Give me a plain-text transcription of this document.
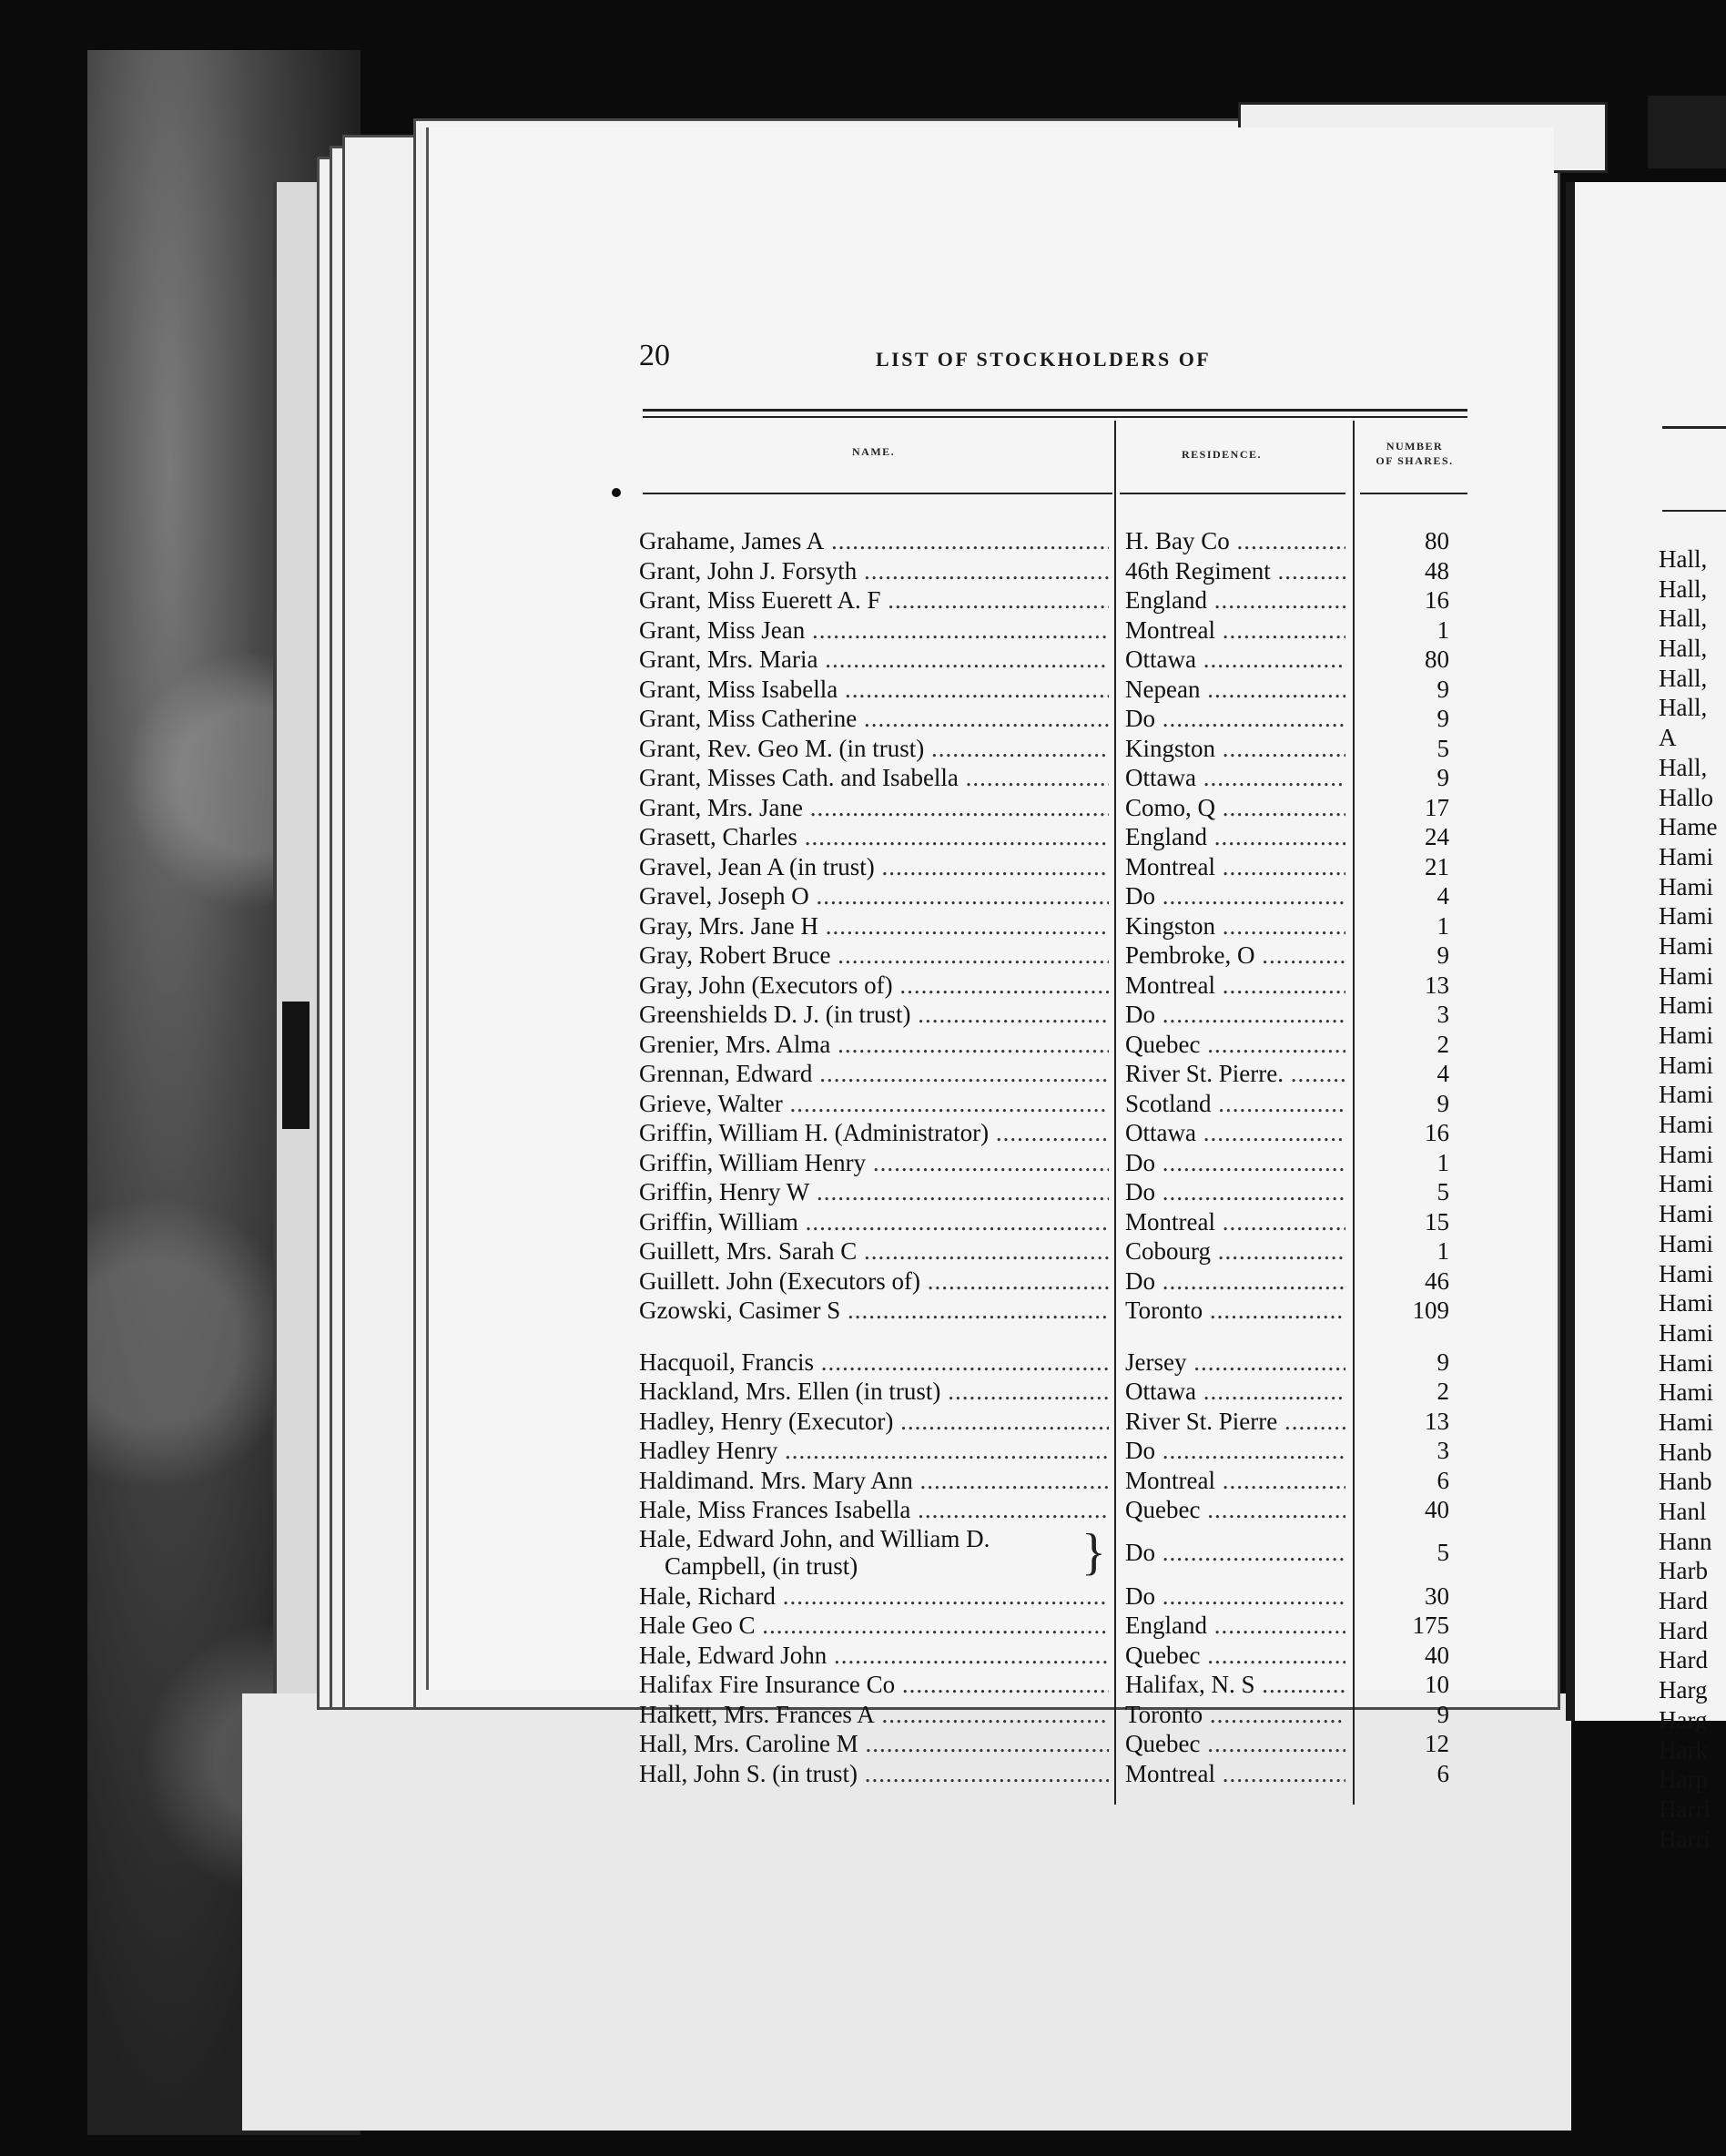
20	LIST OF STOCKHOLDERS OF
NAME.	RESIDENCE.
NUMBER
OF SHARES.
Grahame, James A .....	H. Bay Co .....	80
Grant, John J. Forsyth .....	46th Regiment .....	48
Grant, Miss Euerett A. F .....	England .....	16
Grant, Miss Jean .....	Montreal .....	1
Grant, Mrs. Maria .....	Ottawa .....	80
Grant, Miss Isabella .....	Nepean .....	9
Grant, Miss Catherine .....	Do .....	9
Grant, Rev. Geo M. (in trust) .....	Kingston .....	5
Grant, Misses Cath. and Isabella .....	Ottawa .....	9
Grant, Mrs. Jane .....	Como, Q .....	17
Grasett, Charles .....	England .....	24
Gravel, Jean A (in trust) .....	Montreal .....	21
Gravel, Joseph O .....	Do .....	4
Gray, Mrs. Jane H .....	Kingston .....	1
Gray, Robert Bruce .....	Pembroke, O .....	9
Gray, John (Executors of) .....	Montreal .....	13
Greenshields D. J. (in trust) .....	Do .....	3
Grenier, Mrs. Alma .....	Quebec .....	2
Grennan, Edward .....	River St. Pierre. .....	4
Grieve, Walter .....	Scotland .....	9
Griffin, William H. (Administrator) .....	Ottawa .....	16
Griffin, William Henry .....	Do .....	1
Griffin, Henry W .....	Do .....	5
Griffin, William .....	Montreal .....	15
Guillett, Mrs. Sarah C .....	Cobourg .....	1
Guillett. John (Executors of) .....	Do .....	46
Gzowski, Casimer S .....	Toronto .....	109
Hacquoil, Francis .....	Jersey .....	9
Hackland, Mrs. Ellen (in trust) .....	Ottawa .....	2
Hadley, Henry (Executor) .....	River St. Pierre .....	13
Hadley Henry .....	Do .....	3
Haldimand. Mrs. Mary Ann .....	Montreal .....	6
Hale, Miss Frances Isabella .....	Quebec .....	40
Hale, Edward John, and William D.
Campbell, (in trust)	} Do .....	5
Hale, Richard .....	Do .....	30
Hale Geo C .....	England .....	175
Hale, Edward John .....	Quebec .....	40
Halifax Fire Insurance Co .....	Halifax, N. S .....	10
Halkett, Mrs. Frances A .....	Toronto .....	9
Hall, Mrs. Caroline M .....	Quebec .....	12
Hall, John S. (in trust) .....	Montreal .....	6
Hall,
Hall,
Hall,
Hall,
Hall,
Hall,
A
Hall,
Hallo
Hame
Hami
Hami
Hami
Hami
Hami
Hami
Hami
Hami
Hami
Hami
Hami
Hami
Hami
Hami
Hami
Hami
Hami
Hami
Hami
Hami
Hanb
Hanb
Hanl
Hann
Harb
Hard
Hard
Hard
Harg
Harg
Hark
Harp
Harri
Harri
